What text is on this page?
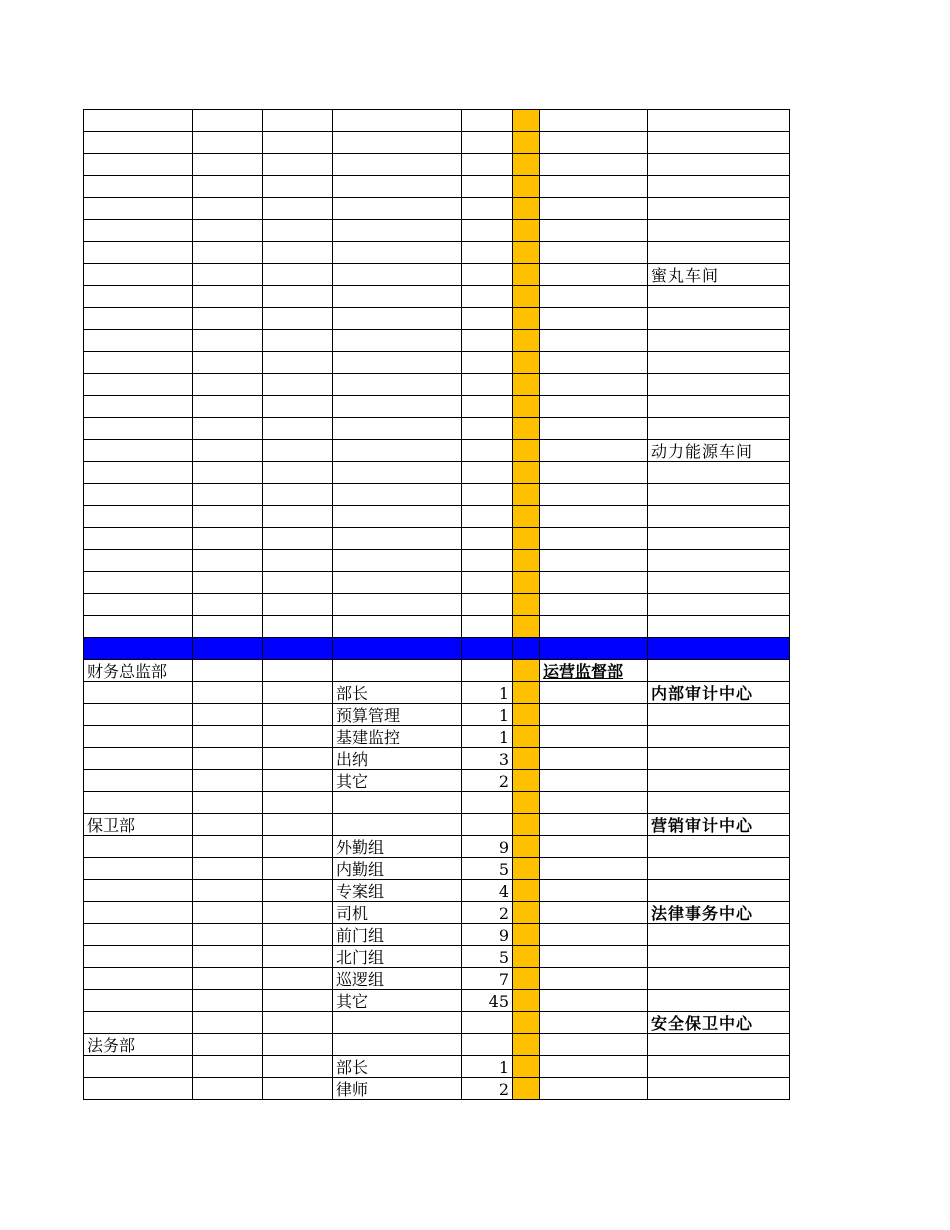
							蜜丸车间

							动力能源车间

财务总监部						运营监督部	
			部长	1			内部审计中心
			预算管理	1			
			基建监控	1			
			出纳	3			
			其它	2			

保卫部							营销审计中心
			外勤组	9			
			内勤组	5			
			专案组	4			
			司机	2			法律事务中心
			前门组	9			
			北门组	5			
			巡逻组	7			
			其它	45			
							安全保卫中心
法务部							
			部长	1			
			律师	2			
